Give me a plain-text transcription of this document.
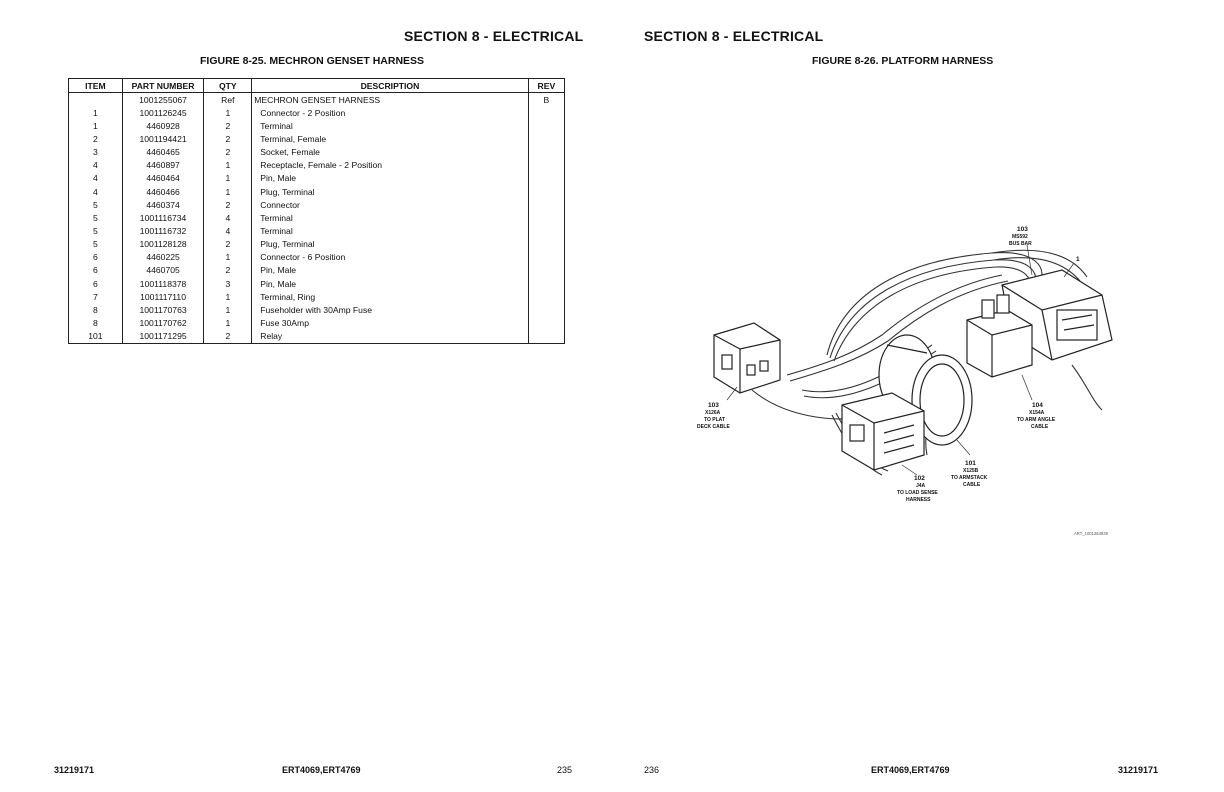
SECTION 8 - ELECTRICAL
FIGURE 8-25. MECHRON GENSET HARNESS
ITEM	PART NUMBER	QTY	DESCRIPTION	REV
	1001255067	Ref	MECHRON GENSET HARNESS	B
1	1001126245	1	Connector - 2 Position	
1	4460928	2	Terminal	
2	1001194421	2	Terminal, Female	
3	4460465	2	Socket, Female	
4	4460897	1	Receptacle, Female - 2 Position	
4	4460464	1	Pin, Male	
4	4460466	1	Plug, Terminal	
5	4460374	2	Connector	
5	1001116734	4	Terminal	
5	1001116732	4	Terminal	
5	1001128128	2	Plug, Terminal	
6	4460225	1	Connector - 6 Position	
6	4460705	2	Pin, Male	
6	1001118378	3	Pin, Male	
7	1001117110	1	Terminal, Ring	
8	1001170763	1	Fuseholder with 30Amp Fuse	
8	1001170762	1	Fuse 30Amp	
101	1001171295	2	Relay	
31219171	ERT4069,ERT4769	235
SECTION 8 - ELECTRICAL
FIGURE 8-26. PLATFORM HARNESS
103
MS592
BUS BAR
1
103
X126A
TO PLAT
DECK CABLE
104
X154A
TO ARM ANGLE
CABLE
101
X125B
TO ARMSTACK
CABLE
102
J4A
TO LOAD SENSE
HARNESS
ART_1001264939
236	ERT4069,ERT4769	31219171
